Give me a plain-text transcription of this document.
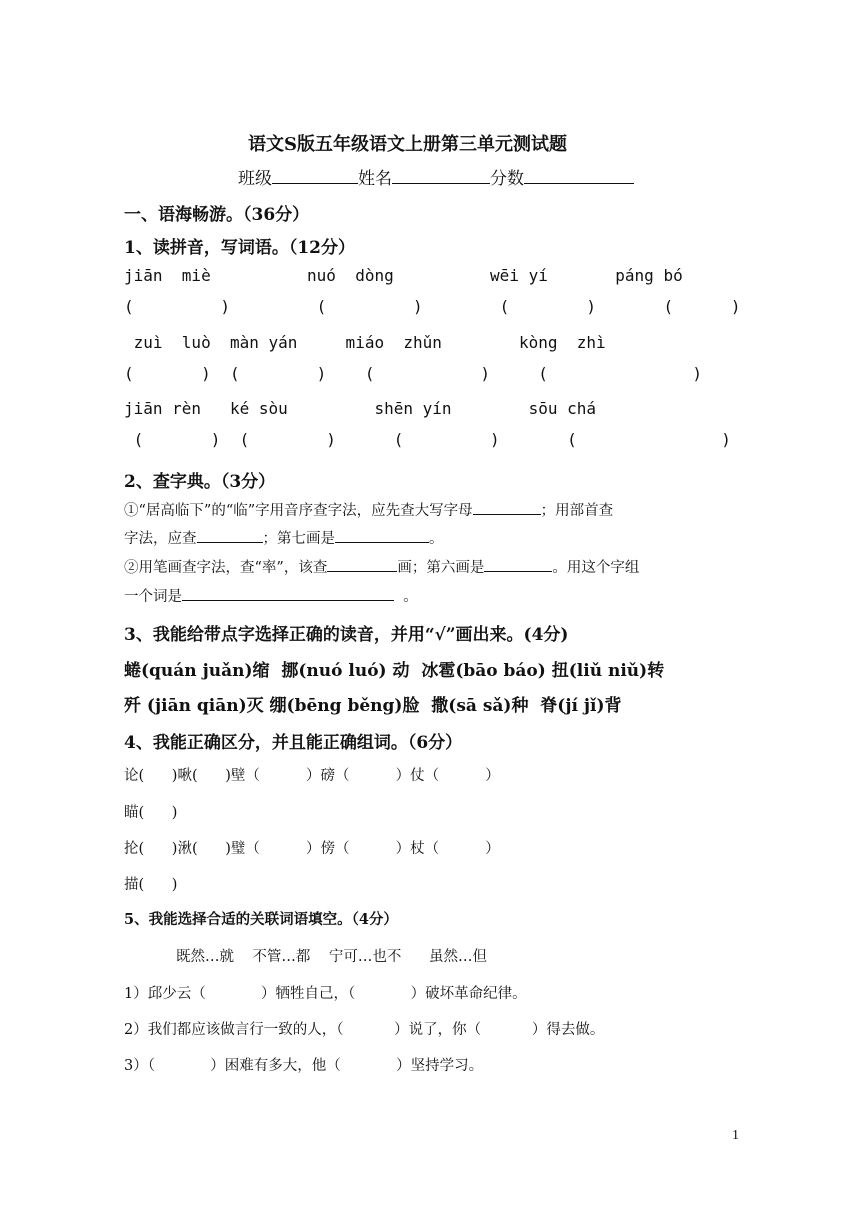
语文S版五年级语文上册第三单元测试题
班级	姓名	分数
一、语海畅游。（36分）
1、读拼音，写词语。（12分）
jiān  miè          nuó  dòng          wēi yí       páng bó
(         )         (         )        (        )       (      )
zuì  luò  màn yán     miáo  zhǔn        kòng  zhì
(       )  (        )    (           )     (               )
jiān rèn   ké sòu         shēn yín        sōu chá
(       )  (        )      (         )       (               )
2、查字典。（3分）
①“居高临下”的“临”字用音序查字法，应先查大写字母	；用部首查
字法，应查	；第七画是	。
②用笔画查字法，查“率”，该查	画；第六画是	。用这个字组
一个词是	。
3、我能给带点字选择正确的读音，并用“√”画出来。(4分)
蜷(quán juǎn)缩  挪(nuó luó) 动  冰雹(bāo báo) 扭(liǔ niǔ)转
歼 (jiān qiān)灭 绷(bēng běng)脸  撒(sā sǎ)种  脊(jí jǐ)背
4、我能正确区分，并且能正确组词。（6分）
论(      )啾(      )壁（          ）磅（          ）仗（          ）
瞄(      )
抡(      )湫(      )璧（          ）傍（          ）杖（          ）
描(      )
5、我能选择合适的关联词语填空。（4分）
既然…就    不管…都    宁可…也不      虽然…但
1）邱少云（            ）牺牲自己，（            ）破坏革命纪律。
2）我们都应该做言行一致的人，（           ）说了，你（           ）得去做。
3）（            ）困难有多大，他（            ）坚持学习。
1
